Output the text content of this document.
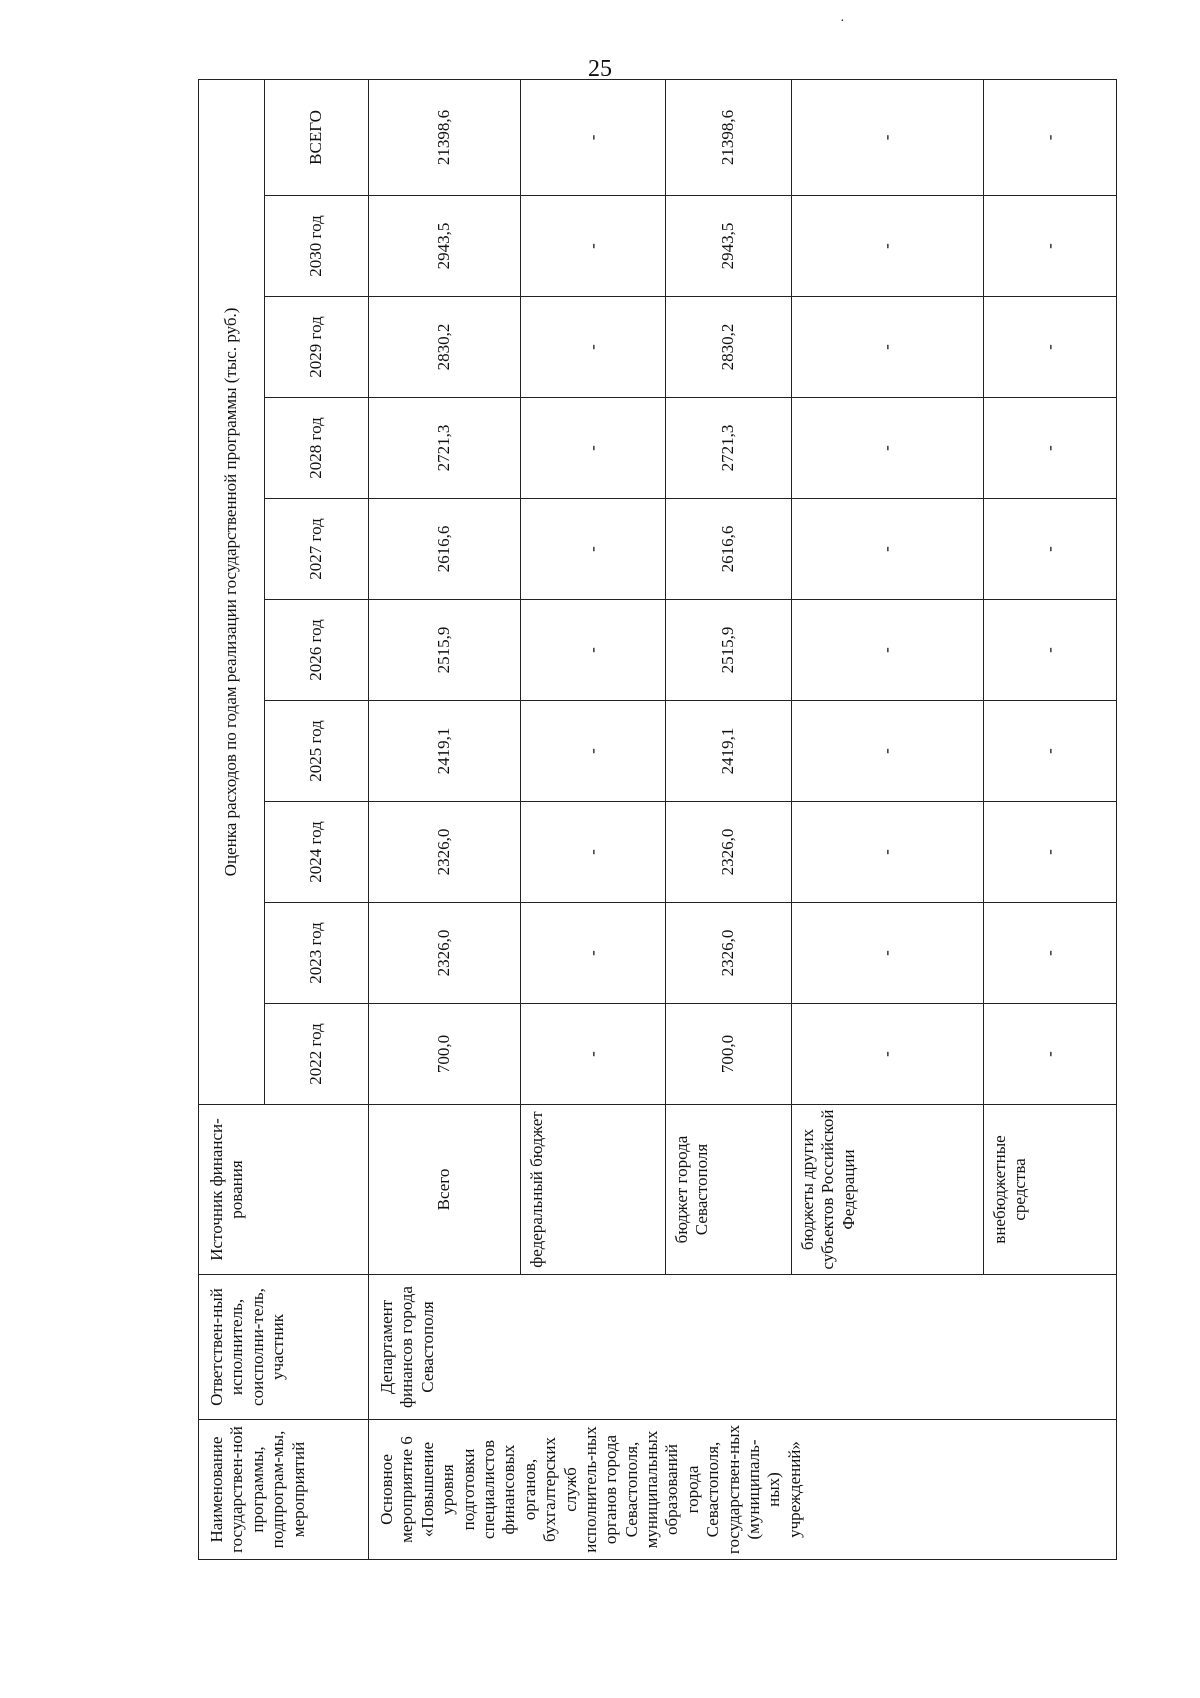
25
·
Наименование государствен-ной программы, подпрограм-мы, мероприятий	Ответствен-ный исполнитель, соисполни-тель, участник	Источник финанси-рования	Оценка расходов по годам реализации государственной программы (тыс. руб.)									
			2022 год	2023 год	2024 год	2025 год	2026 год	2027 год	2028 год	2029 год	2030 год	ВСЕГО
Основное мероприятие 6 «Повышение уровня подготовки специалистов финансовых органов, бухгалтерских служб исполнитель-ных органов города Севастополя, муниципальных образований города Севастополя, государствен-ных (муниципаль-ных) учреждений»	Департамент финансов города Севастополя	Всего	700,0	2326,0	2326,0	2419,1	2515,9	2616,6	2721,3	2830,2	2943,5	21398,6
		федеральный бюджет	-	-	-	-	-	-	-	-	-	-
		бюджет города Севастополя	700,0	2326,0	2326,0	2419,1	2515,9	2616,6	2721,3	2830,2	2943,5	21398,6
		бюджеты других субъектов Российской Федерации	-	-	-	-	-	-	-	-	-	-
		внебюджетные средства	-	-	-	-	-	-	-	-	-	-
